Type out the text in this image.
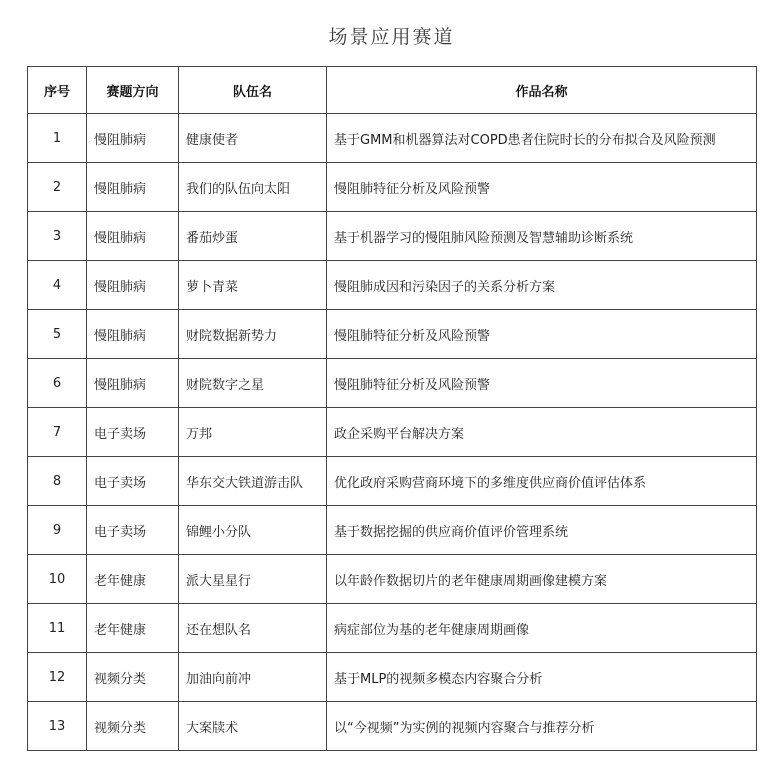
场景应用赛道
序号	赛题方向	队伍名	作品名称
1	慢阻肺病	健康使者	基于GMM和机器算法对COPD患者住院时长的分布拟合及风险预测
2	慢阻肺病	我们的队伍向太阳	慢阻肺特征分析及风险预警
3	慢阻肺病	番茄炒蛋	基于机器学习的慢阻肺风险预测及智慧辅助诊断系统
4	慢阻肺病	萝卜青菜	慢阻肺成因和污染因子的关系分析方案
5	慢阻肺病	财院数据新势力	慢阻肺特征分析及风险预警
6	慢阻肺病	财院数字之星	慢阻肺特征分析及风险预警
7	电子卖场	万邦	政企采购平台解决方案
8	电子卖场	华东交大铁道游击队	优化政府采购营商环境下的多维度供应商价值评估体系
9	电子卖场	锦鲤小分队	基于数据挖掘的供应商价值评价管理系统
10	老年健康	派大星星行	以年龄作数据切片的老年健康周期画像建模方案
11	老年健康	还在想队名	病症部位为基的老年健康周期画像
12	视频分类	加油向前冲	基于MLP的视频多模态内容聚合分析
13	视频分类	大案牍术	以“今视频”为实例的视频内容聚合与推荐分析
